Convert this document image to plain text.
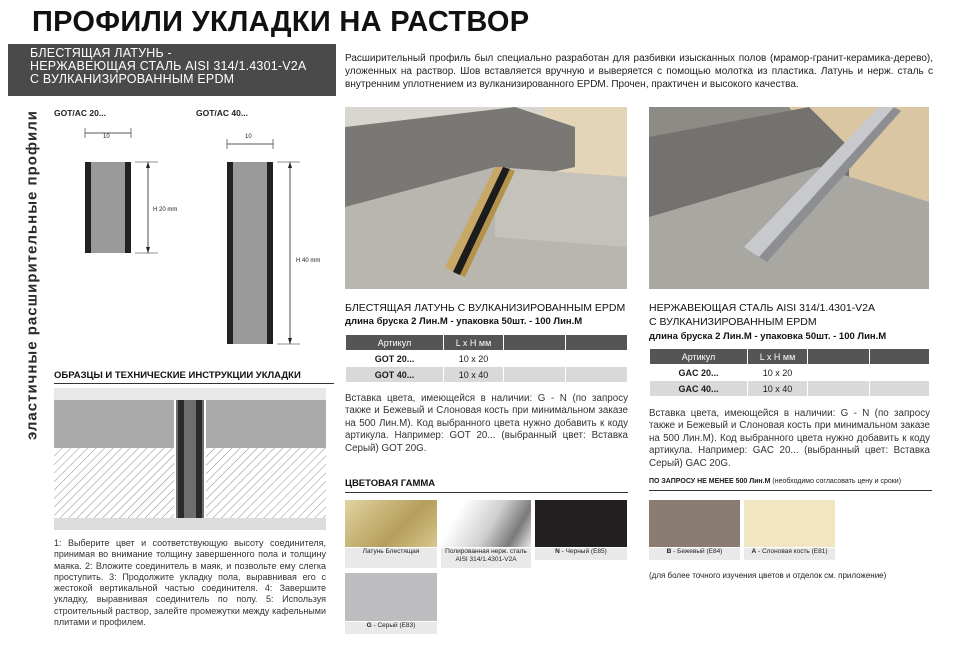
ПРОФИЛИ УКЛАДКИ НА РАСТВОР
БЛЕСТЯЩАЯ ЛАТУНЬ -
НЕРЖАВЕЮЩАЯ СТАЛЬ AISI 314/1.4301-V2A
С ВУЛКАНИЗИРОВАННЫМ EPDM
Расширительный профиль был специально разработан для разбивки изысканных полов (мрамор-гранит-керамика-дерево), уложенных на раствор. Шов вставляется вручную и выверяется с помощью молотка из пластика. Латунь и нерж. сталь с внутренним уплотнением из вулканизированного EPDM. Прочен, практичен и высокого качества.
эластичные расширительные профили GOT/AC 20...
10
H 20 mm
GOT/AC 40...
10
H 40 mm
ОБРАЗЦЫ И ТЕХНИЧЕСКИЕ ИНСТРУКЦИИ УКЛАДКИ
1: Выберите цвет и соответствующую высоту соединителя, принимая во внимание толщину завершенного пола и толщину маяка. 2: Вложите соединитель в маяк, и позвольте ему слегка проступить. 3: Продолжите укладку пола, выравнивая его с жестокой вертикальной частью соединителя. 4: Завершите укладку, выравнивая соединитель по полу. 5: Используя строительный раствор, залейте промежутки между кафельными плитами и профилем.
БЛЕСТЯЩАЯ ЛАТУНЬ С ВУЛКАНИЗИРОВАННЫМ EPDM
длина бруска 2 Лин.М - упаковка 50шт. - 100 Лин.М
Артикул	L x H мм		
GOT 20...	10 x 20		
GOT 40...	10 x 40		
Вставка цвета, имеющейся в наличии: G - N (по запросу также и Бежевый и Слоновая кость при минимальном заказе на 500 Лин.М). Код выбранного цвета нужно добавить к коду артикула. Например: GOT 20... (выбранный цвет: Вставка Серый) GOT 20G.
НЕРЖАВЕЮЩАЯ СТАЛЬ AISI 314/1.4301-V2A
С ВУЛКАНИЗИРОВАННЫМ EPDM
длина бруска 2 Лин.М - упаковка 50шт. - 100 Лин.М
Артикул	L x H мм		
GAC 20...	10 x 20		
GAC 40...	10 x 40		
Вставка цвета, имеющейся в наличии: G - N (по запросу также и Бежевый и Слоновая кость при минимальном заказе на 500 Лин.М). Код выбранного цвета нужно добавить к коду артикула. Например: GAC 20... (выбранный цвет: Вставка Серый) GAC 20G.
ЦВЕТОВАЯ ГАММА
Латунь Блестящая	Полированная нерж. сталь AISI 314/1.4301-V2A
N - Черный (E85)
G - Серый (E83)
ПО ЗАПРОСУ НЕ МЕНЕЕ 500 Лин.М (необходимо согласовать цену и сроки)
B - Бежевый (E84)	A - Слоновая кость (E81)
(для более точного изучения цветов и отделок см. приложение)
